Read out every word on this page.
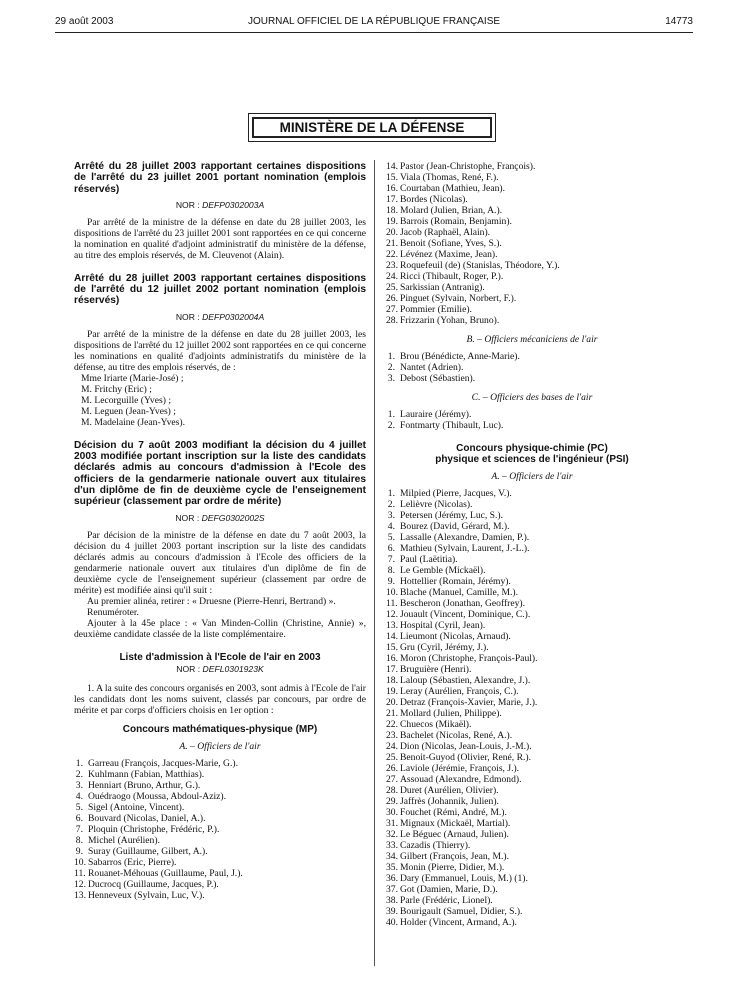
29 août 2003	JOURNAL OFFICIEL DE LA RÉPUBLIQUE FRANÇAISE	14773
MINISTÈRE DE LA DÉFENSE

Arrêté du 28 juillet 2003 rapportant certaines dispositions de l'arrêté du 23 juillet 2001 portant nomination (emplois réservés)

NOR : DEFP0302003A

Par arrêté de la ministre de la défense en date du 28 juillet 2003, les dispositions de l'arrêté du 23 juillet 2001 sont rapportées en ce qui concerne la nomination en qualité d'adjoint administratif du ministère de la défense, au titre des emplois réservés, de M. Cleuvenot (Alain).

Arrêté du 28 juillet 2003 rapportant certaines dispositions de l'arrêté du 12 juillet 2002 portant nomination (emplois réservés)

NOR : DEFP0302004A

Par arrêté de la ministre de la défense en date du 28 juillet 2003, les dispositions de l'arrêté du 12 juillet 2002 sont rapportées en ce qui concerne les nominations en qualité d'adjoints administratifs du ministère de la défense, au titre des emplois réservés, de :

Mme Iriarte (Marie-José) ;
M. Fritchy (Eric) ;
M. Lecorguille (Yves) ;
M. Leguen (Jean-Yves) ;
M. Madelaine (Jean-Yves).

Décision du 7 août 2003 modifiant la décision du 4 juillet 2003 modifiée portant inscription sur la liste des candidats déclarés admis au concours d'admission à l'Ecole des officiers de la gendarmerie nationale ouvert aux titulaires d'un diplôme de fin de deuxième cycle de l'enseignement supérieur (classement par ordre de mérite)

NOR : DEFG0302002S

Par décision de la ministre de la défense en date du 7 août 2003, la décision du 4 juillet 2003 portant inscription sur la liste des candidats déclarés admis au concours d'admission à l'Ecole des officiers de la gendarmerie nationale ouvert aux titulaires d'un diplôme de fin de deuxième cycle de l'enseignement supérieur (classement par ordre de mérite) est modifiée ainsi qu'il suit :

Au premier alinéa, retirer : « Druesne (Pierre-Henri, Bertrand) ».

Renuméroter.

Ajouter à la 45e place : « Van Minden-Collin (Christine, Annie) », deuxième candidate classée de la liste complémentaire.

Liste d'admission à l'Ecole de l'air en 2003

NOR : DEFL0301923K

1. A la suite des concours organisés en 2003, sont admis à l'Ecole de l'air les candidats dont les noms suivent, classés par concours, par ordre de mérite et par corps d'officiers choisis en 1er option :

Concours mathématiques-physique (MP)

A. – Officiers de l'air

1. Garreau (François, Jacques-Marie, G.).
2. Kuhlmann (Fabian, Matthias).
3. Henniart (Bruno, Arthur, G.).
4. Ouédraogo (Moussa, Abdoul-Aziz).
5. Sigel (Antoine, Vincent).
6. Bouvard (Nicolas, Daniel, A.).
7. Ploquin (Christophe, Frédéric, P.).
8. Michel (Aurélien).
9. Suray (Guillaume, Gilbert, A.).
10. Sabarros (Eric, Pierre).
11. Rouanet-Méhouas (Guillaume, Paul, J.).
12. Ducrocq (Guillaume, Jacques, P.).
13. Henneveux (Sylvain, Luc, V.).
14. Pastor (Jean-Christophe, François).
15. Viala (Thomas, René, F.).
16. Courtaban (Mathieu, Jean).
17. Bordes (Nicolas).
18. Molard (Julien, Brian, A.).
19. Barrois (Romain, Benjamin).
20. Jacob (Raphaël, Alain).
21. Benoit (Sofiane, Yves, S.).
22. Lévénez (Maxime, Jean).
23. Roquefeuil (de) (Stanislas, Théodore, Y.).
24. Ricci (Thibault, Roger, P.).
25. Sarkissian (Antranig).
26. Pinguet (Sylvain, Norbert, F.).
27. Pommier (Emilie).
28. Frizzarin (Yohan, Bruno).

B. – Officiers mécaniciens de l'air

1. Brou (Bénédicte, Anne-Marie).
2. Nantet (Adrien).
3. Debost (Sébastien).

C. – Officiers des bases de l'air

1. Lauraire (Jérémy).
2. Fontmarty (Thibault, Luc).

Concours physique-chimie (PC)

physique et sciences de l'ingénieur (PSI)

A. – Officiers de l'air

1. Milpied (Pierre, Jacques, V.).
2. Lelièvre (Nicolas).
3. Petersen (Jérémy, Luc, S.).
4. Bourez (David, Gérard, M.).
5. Lassalle (Alexandre, Damien, P.).
6. Mathieu (Sylvain, Laurent, J.-L.).
7. Paul (Laëtitia).
8. Le Gemble (Mickaël).
9. Hottellier (Romain, Jérémy).
10. Blache (Manuel, Camille, M.).
11. Bescheron (Jonathan, Geoffrey).
12. Jouault (Vincent, Dominique, C.).
13. Hospital (Cyril, Jean).
14. Lieumont (Nicolas, Arnaud).
15. Gru (Cyril, Jérémy, J.).
16. Moron (Christophe, François-Paul).
17. Bruguière (Henri).
18. Laloup (Sébastien, Alexandre, J.).
19. Leray (Aurélien, François, C.).
20. Detraz (François-Xavier, Marie, J.).
21. Mollard (Julien, Philippe).
22. Chuecos (Mikaël).
23. Bachelet (Nicolas, René, A.).
24. Dion (Nicolas, Jean-Louis, J.-M.).
25. Benoit-Guyod (Olivier, René, R.).
26. Laviole (Jérémie, François, J.).
27. Assouad (Alexandre, Edmond).
28. Duret (Aurélien, Olivier).
29. Jaffrès (Johannik, Julien).
30. Fouchet (Rémi, André, M.).
31. Mignaux (Mickaël, Martial).
32. Le Béguec (Arnaud, Julien).
33. Cazadis (Thierry).
34. Gilbert (François, Jean, M.).
35. Monin (Pierre, Didier, M.).
36. Dary (Emmanuel, Louis, M.) (1).
37. Got (Damien, Marie, D.).
38. Parle (Frédéric, Lionel).
39. Bourigault (Samuel, Didier, S.).
40. Holder (Vincent, Armand, A.).
